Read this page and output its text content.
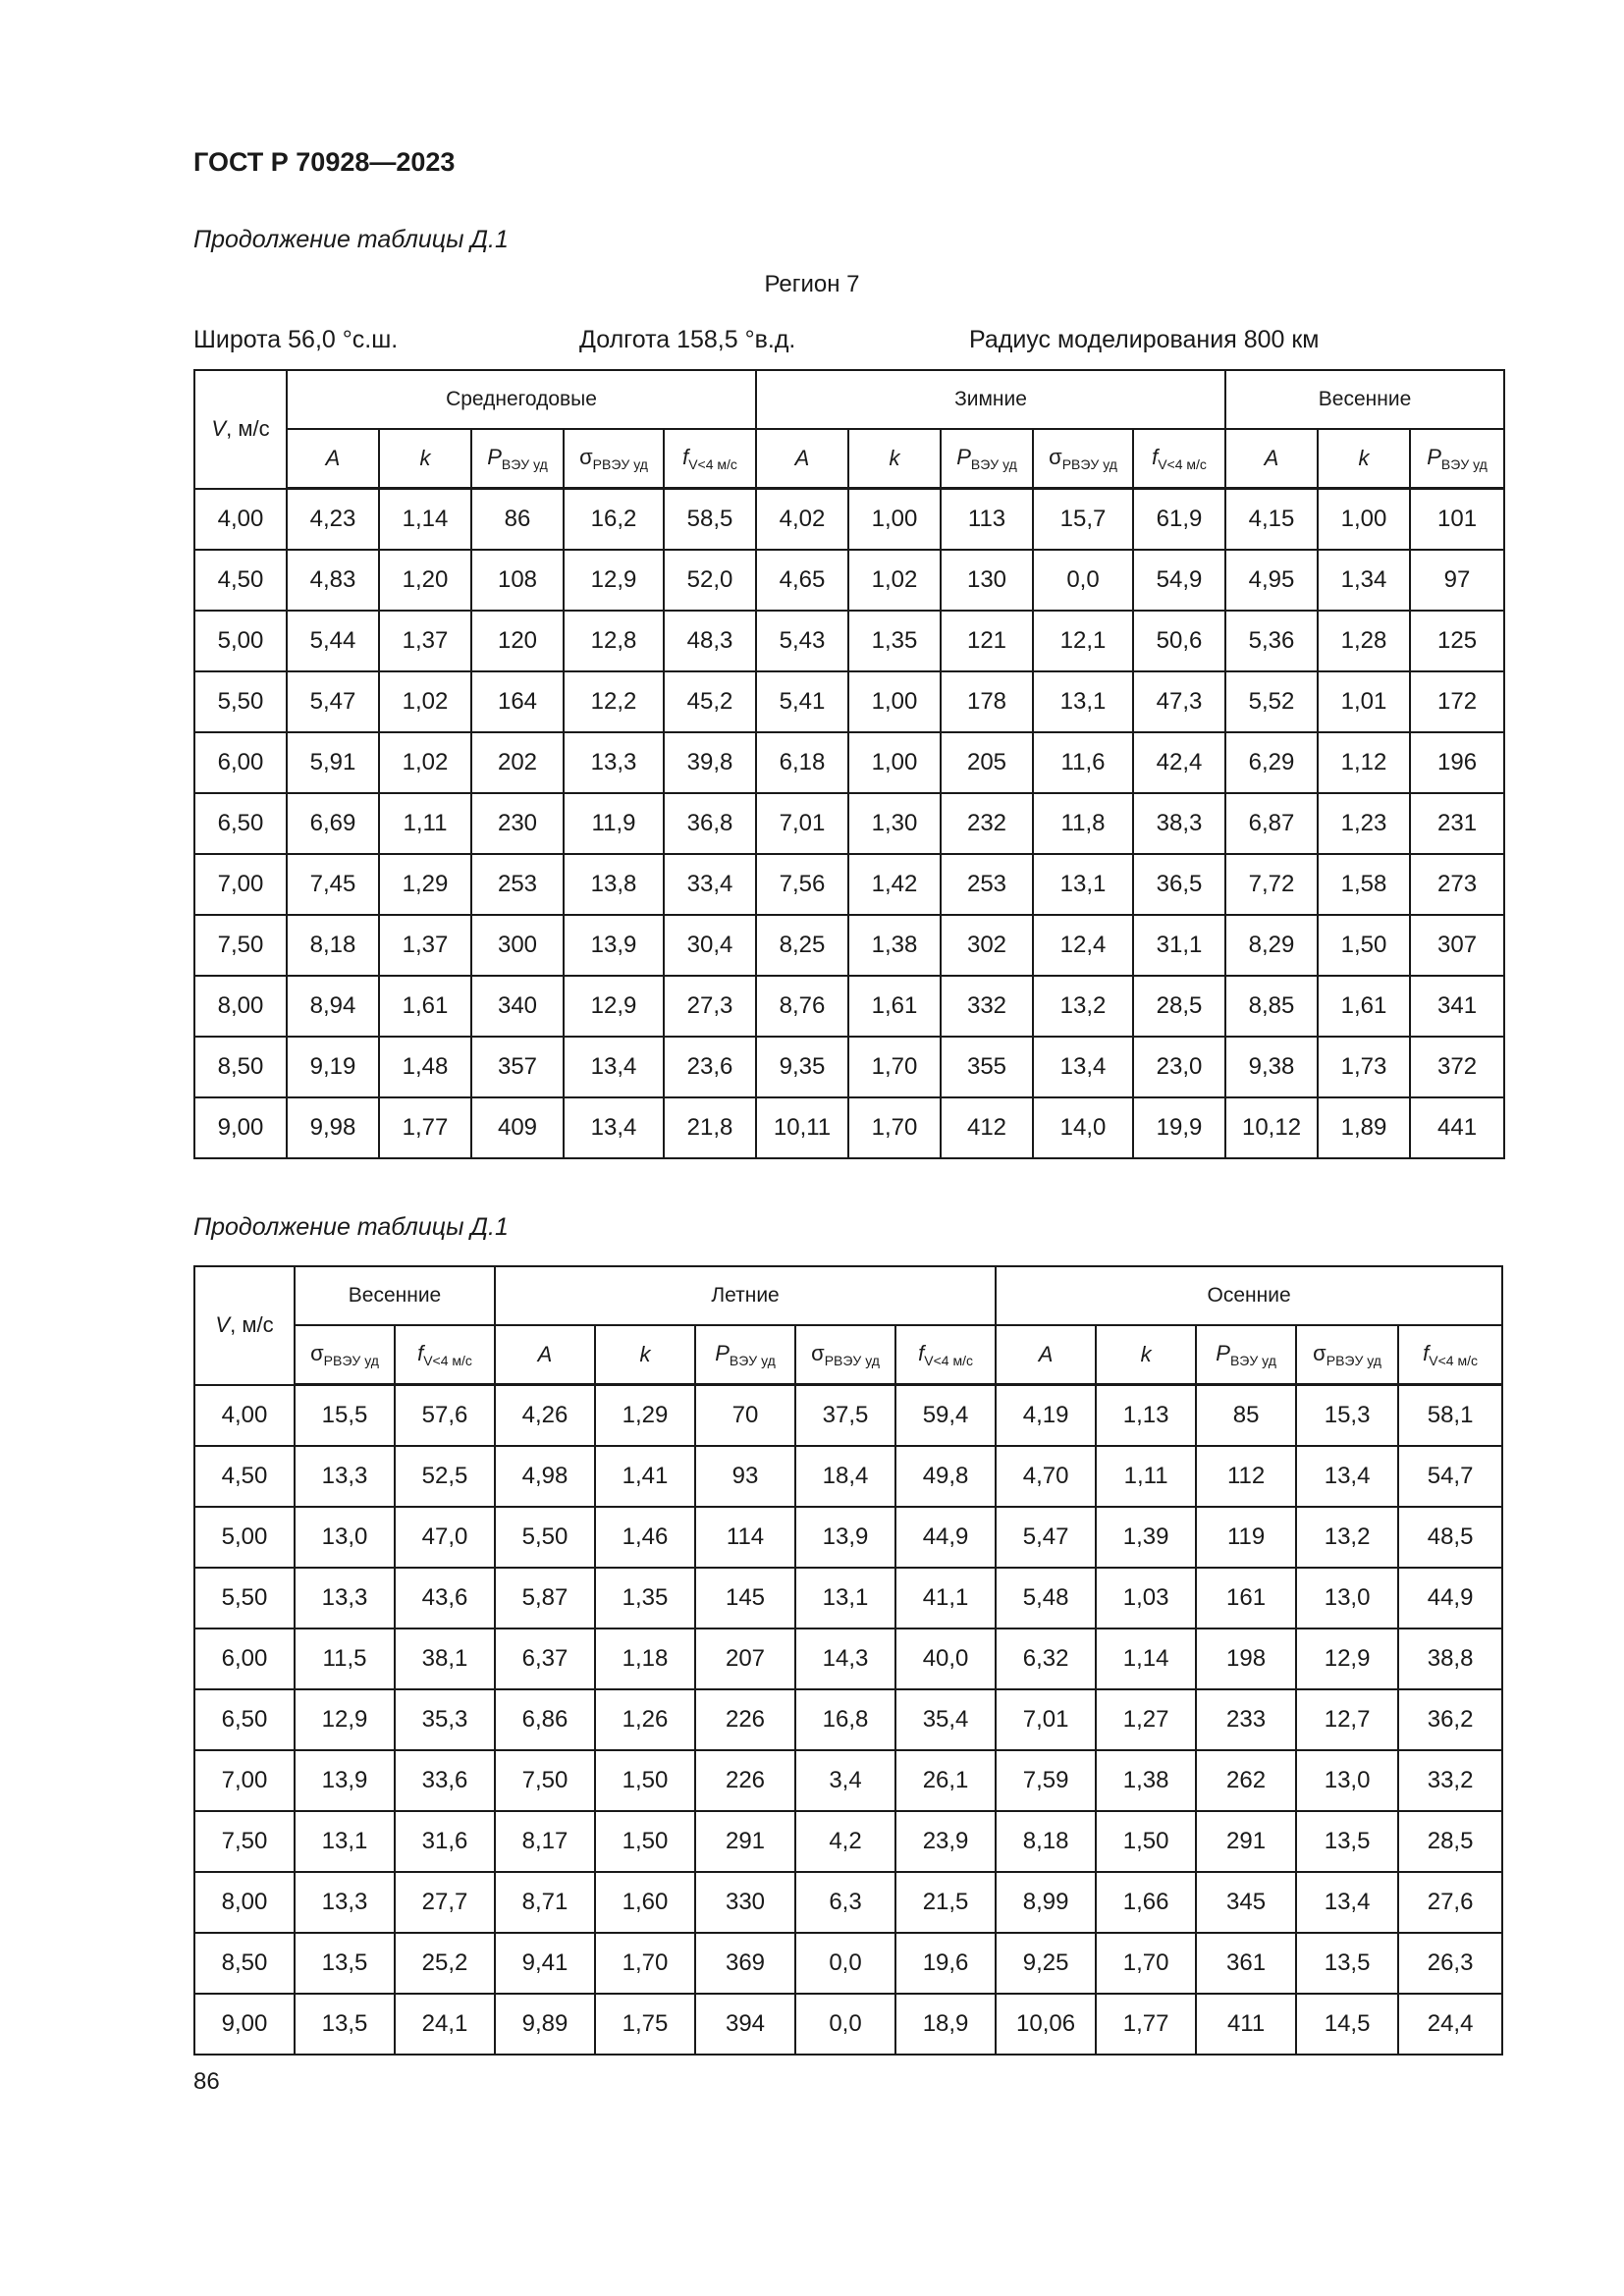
ГОСТ Р 70928—2023
Продолжение таблицы Д.1
Регион 7
Широта 56,0 °с.ш.	Долгота 158,5 °в.д.	Радиус моделирования 800 км
V, м/с	Среднегодовые					Зимние					Весенние		
	A	k	$P_{ВЭУ уд}$	$\sigma_{PВЭУ уд}$	$f_{V<4 м/с}$	A	k	$P_{ВЭУ уд}$	$\sigma_{PВЭУ уд}$	$f_{V<4 м/с}$	A	k	$P_{ВЭУ уд}$
4,00	4,23	1,14	86	16,2	58,5	4,02	1,00	113	15,7	61,9	4,15	1,00	101
4,50	4,83	1,20	108	12,9	52,0	4,65	1,02	130	0,0	54,9	4,95	1,34	97
5,00	5,44	1,37	120	12,8	48,3	5,43	1,35	121	12,1	50,6	5,36	1,28	125
5,50	5,47	1,02	164	12,2	45,2	5,41	1,00	178	13,1	47,3	5,52	1,01	172
6,00	5,91	1,02	202	13,3	39,8	6,18	1,00	205	11,6	42,4	6,29	1,12	196
6,50	6,69	1,11	230	11,9	36,8	7,01	1,30	232	11,8	38,3	6,87	1,23	231
7,00	7,45	1,29	253	13,8	33,4	7,56	1,42	253	13,1	36,5	7,72	1,58	273
7,50	8,18	1,37	300	13,9	30,4	8,25	1,38	302	12,4	31,1	8,29	1,50	307
8,00	8,94	1,61	340	12,9	27,3	8,76	1,61	332	13,2	28,5	8,85	1,61	341
8,50	9,19	1,48	357	13,4	23,6	9,35	1,70	355	13,4	23,0	9,38	1,73	372
9,00	9,98	1,77	409	13,4	21,8	10,11	1,70	412	14,0	19,9	10,12	1,89	441
Продолжение таблицы Д.1
V, м/с	Весенние		Летние					Осенние				
	$\sigma_{PВЭУ уд}$	$f_{V<4 м/с}$	A	k	$P_{ВЭУ уд}$	$\sigma_{PВЭУ уд}$	$f_{V<4 м/с}$	A	k	$P_{ВЭУ уд}$	$\sigma_{PВЭУ уд}$	$f_{V<4 м/с}$
4,00	15,5	57,6	4,26	1,29	70	37,5	59,4	4,19	1,13	85	15,3	58,1
4,50	13,3	52,5	4,98	1,41	93	18,4	49,8	4,70	1,11	112	13,4	54,7
5,00	13,0	47,0	5,50	1,46	114	13,9	44,9	5,47	1,39	119	13,2	48,5
5,50	13,3	43,6	5,87	1,35	145	13,1	41,1	5,48	1,03	161	13,0	44,9
6,00	11,5	38,1	6,37	1,18	207	14,3	40,0	6,32	1,14	198	12,9	38,8
6,50	12,9	35,3	6,86	1,26	226	16,8	35,4	7,01	1,27	233	12,7	36,2
7,00	13,9	33,6	7,50	1,50	226	3,4	26,1	7,59	1,38	262	13,0	33,2
7,50	13,1	31,6	8,17	1,50	291	4,2	23,9	8,18	1,50	291	13,5	28,5
8,00	13,3	27,7	8,71	1,60	330	6,3	21,5	8,99	1,66	345	13,4	27,6
8,50	13,5	25,2	9,41	1,70	369	0,0	19,6	9,25	1,70	361	13,5	26,3
9,00	13,5	24,1	9,89	1,75	394	0,0	18,9	10,06	1,77	411	14,5	24,4
86
